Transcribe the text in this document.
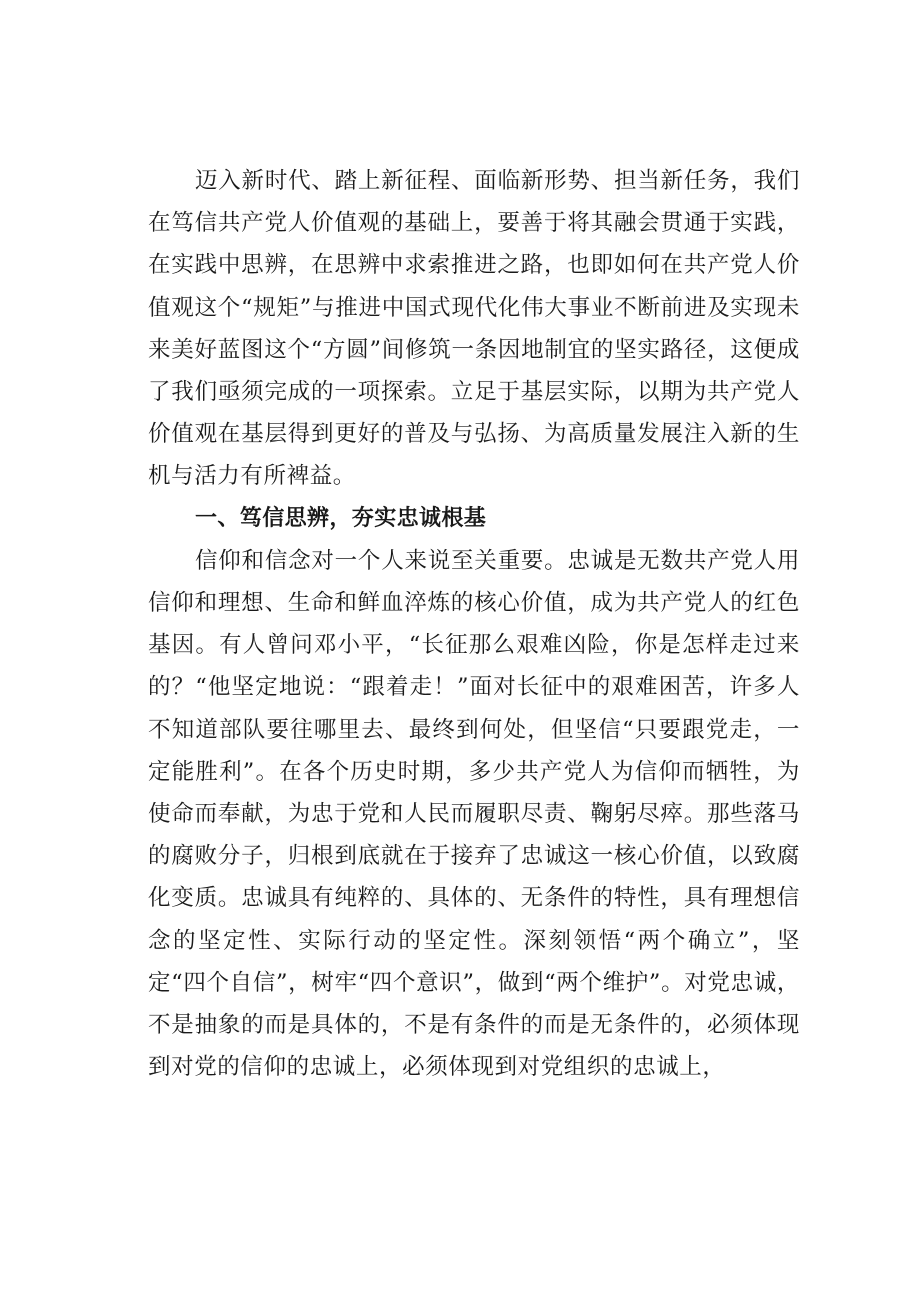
迈入新时代、踏上新征程、面临新形势、担当新任务，我们在笃信共产党人价值观的基础上，要善于将其融会贯通于实践，在实践中思辨，在思辨中求索推进之路，也即如何在共产党人价值观这个“规矩”与推进中国式现代化伟大事业不断前进及实现未来美好蓝图这个“方圆”间修筑一条因地制宜的坚实路径，这便成了我们亟须完成的一项探索。立足于基层实际，以期为共产党人价值观在基层得到更好的普及与弘扬、为高质量发展注入新的生机与活力有所裨益。

一、笃信思辨，夯实忠诚根基

信仰和信念对一个人来说至关重要。忠诚是无数共产党人用信仰和理想、生命和鲜血淬炼的核心价值，成为共产党人的红色基因。有人曾问邓小平，“长征那么艰难凶险，你是怎样走过来的？“他坚定地说：“跟着走！”面对长征中的艰难困苦，许多人不知道部队要往哪里去、最终到何处，但坚信“只要跟党走，一定能胜利”。在各个历史时期，多少共产党人为信仰而牺牲，为使命而奉献，为忠于党和人民而履职尽责、鞠躬尽瘁。那些落马的腐败分子，归根到底就在于接弃了忠诚这一核心价值，以致腐化变质。忠诚具有纯粹的、具体的、无条件的特性，具有理想信念的坚定性、实际行动的坚定性。深刻领悟“两个确立”，坚定“四个自信”，树牢“四个意识”，做到“两个维护”。对党忠诚，不是抽象的而是具体的，不是有条件的而是无条件的，必须体现到对党的信仰的忠诚上，必须体现到对党组织的忠诚上，
